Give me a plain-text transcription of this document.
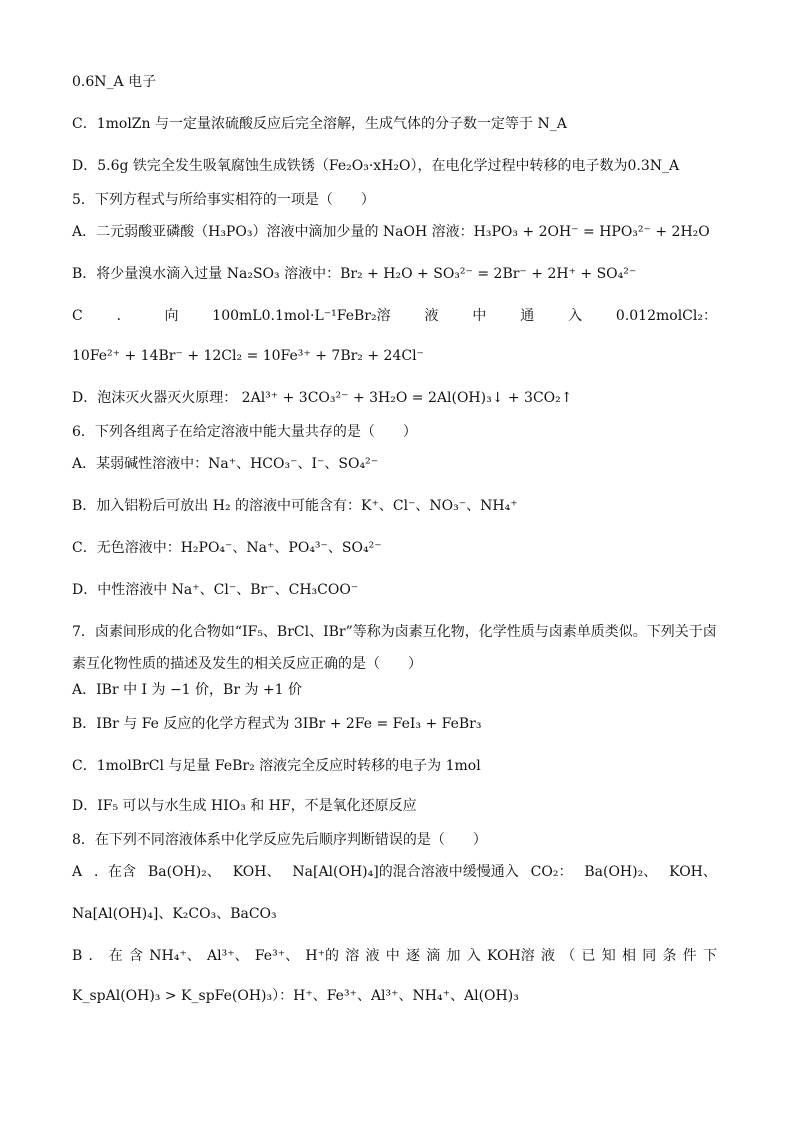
0.6N_A 电子
C．1molZn 与一定量浓硫酸反应后完全溶解，生成气体的分子数一定等于 N_A
D．5.6g 铁完全发生吸氧腐蚀生成铁锈（Fe₂O₃·xH₂O），在电化学过程中转移的电子数为0.3N_A
5．下列方程式与所给事实相符的一项是（　　）
A．二元弱酸亚磷酸（H₃PO₃）溶液中滴加少量的 NaOH 溶液：H₃PO₃ + 2OH⁻ = HPO₃²⁻ + 2H₂O
B．将少量溴水滴入过量 Na₂SO₃ 溶液中：Br₂ + H₂O + SO₃²⁻ = 2Br⁻ + 2H⁺ + SO₄²⁻
C ． 向 100mL0.1mol·L⁻¹FeBr₂溶 液 中 通 入 0.012molCl₂：
10Fe²⁺ + 14Br⁻ + 12Cl₂ = 10Fe³⁺ + 7Br₂ + 24Cl⁻
D．泡沫灭火器灭火原理： 2Al³⁺ + 3CO₃²⁻ + 3H₂O = 2Al(OH)₃↓ + 3CO₂↑
6．下列各组离子在给定溶液中能大量共存的是（　　）
A．某弱碱性溶液中：Na⁺、HCO₃⁻、I⁻、SO₄²⁻
B．加入铝粉后可放出 H₂ 的溶液中可能含有：K⁺、Cl⁻、NO₃⁻、NH₄⁺
C．无色溶液中：H₂PO₄⁻、Na⁺、PO₄³⁻、SO₄²⁻
D．中性溶液中 Na⁺、Cl⁻、Br⁻、CH₃COO⁻
7．卤素间形成的化合物如“IF₅、BrCl、IBr”等称为卤素互化物，化学性质与卤素单质类似。下列关于卤
素互化物性质的描述及发生的相关反应正确的是（　　）
A．IBr 中 I 为 −1 价，Br 为 +1 价
B．IBr 与 Fe 反应的化学方程式为 3IBr + 2Fe = FeI₃ + FeBr₃
C．1molBrCl 与足量 FeBr₂ 溶液完全反应时转移的电子为 1mol
D．IF₅ 可以与水生成 HIO₃ 和 HF，不是氧化还原反应
8．在下列不同溶液体系中化学反应先后顺序判断错误的是（　　）
A ．在含 Ba(OH)₂、 KOH、 Na[Al(OH)₄]的混合溶液中缓慢通入 CO₂： Ba(OH)₂、 KOH、
Na[Al(OH)₄]、K₂CO₃、BaCO₃
B ． 在 含 NH₄⁺、 Al³⁺、 Fe³⁺、 H⁺的 溶 液 中 逐 滴 加 入 KOH溶 液 （ 已 知 相 同 条 件 下
K_spAl(OH)₃ > K_spFe(OH)₃）：H⁺、Fe³⁺、Al³⁺、NH₄⁺、Al(OH)₃
